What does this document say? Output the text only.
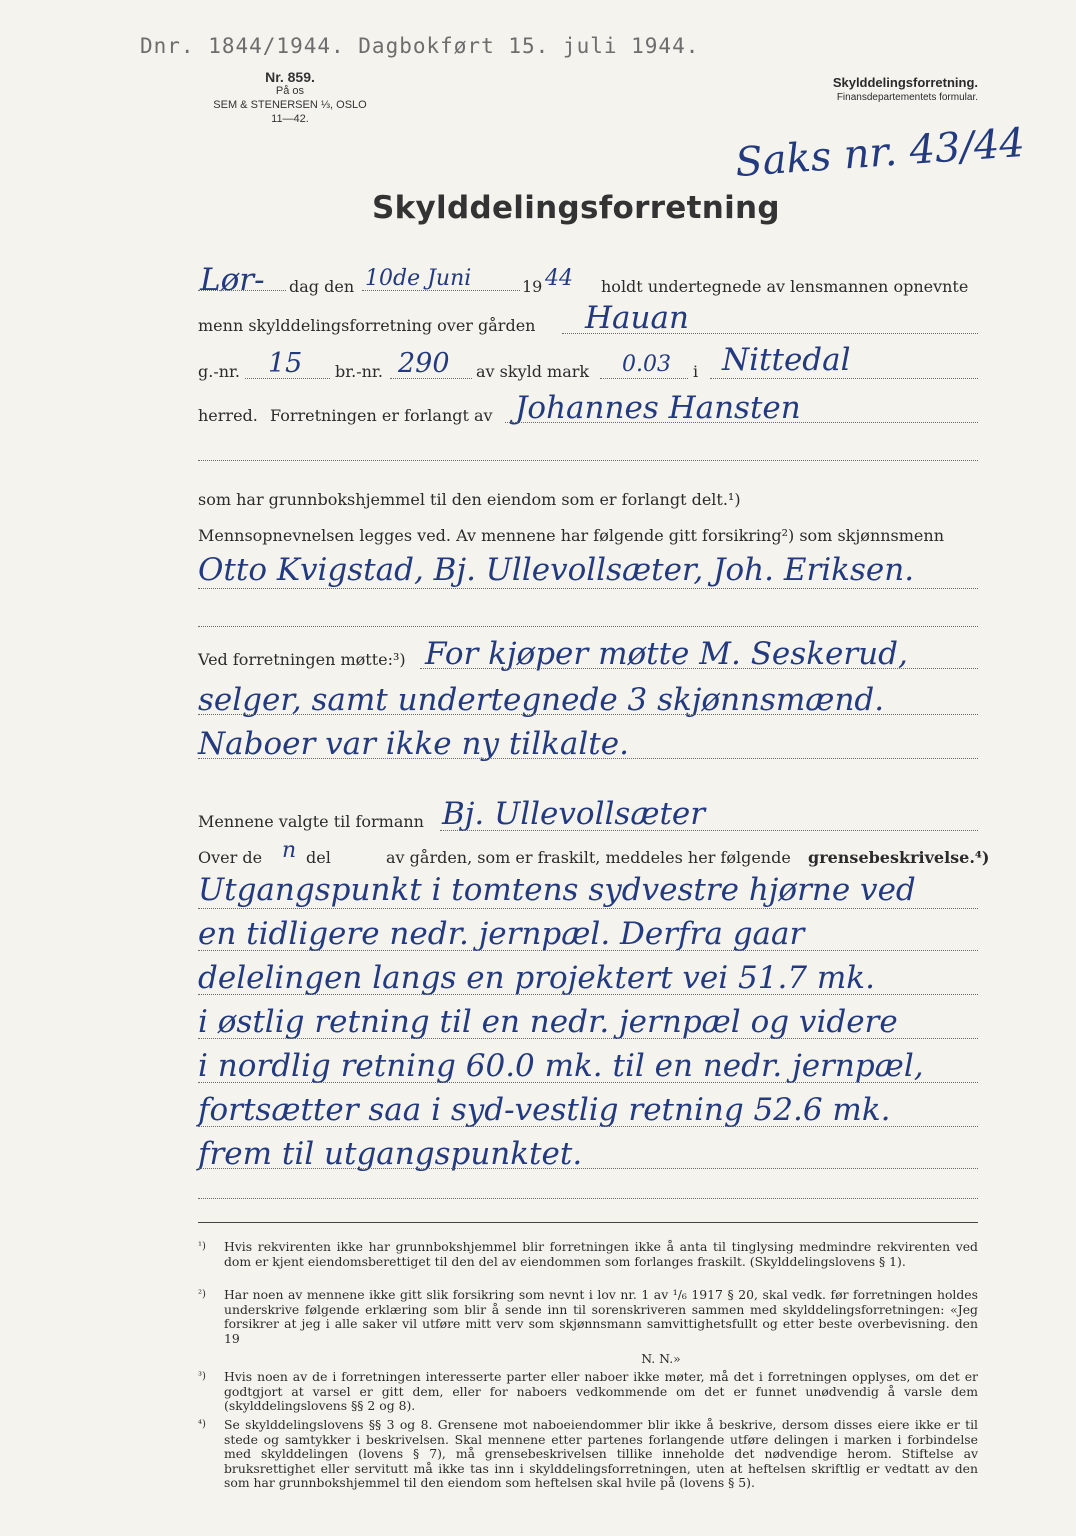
Dnr. 1844/1944. Dagbokført 15. juli 1944.
Nr. 859.
På os
SEM & STENERSEN ⅓, OSLO
11—42.
Skylddelingsforretning.
Finansdepartementets formular.
Saks nr. 43/44
Skylddelingsforretning
Lør- dag den 10de Juni	19 44 holdt undertegnede av lensmannen opnevnte
menn skylddelingsforretning over gården Hauan
g.-nr. 15 br.-nr. 290 av skyld mark 0.03 i Nittedal
herred. Forretningen er forlangt av Johannes Hansten
som har grunnbokshjemmel til den eiendom som er forlangt delt.¹)
Mennsopnevnelsen legges ved. Av mennene har følgende gitt forsikring²) som skjønnsmenn
Otto Kvigstad, Bj. Ullevollsæter, Joh. Eriksen.
Ved forretningen møtte:³) For kjøper møtte M. Seskerud,
selger, samt undertegnede 3 skjønnsmænd.
Naboer var ikke ny tilkalte.
Mennene valgte til formann Bj. Ullevollsæter
Over de n del	av gården, som er fraskilt, meddeles her følgende grensebeskrivelse.⁴)
Utgangspunkt i tomtens sydvestre hjørne ved
en tidligere nedr. jernpæl. Derfra gaar
delelingen langs en projektert vei 51.7 mk.
i østlig retning til en nedr. jernpæl og videre
i nordlig retning 60.0 mk. til en nedr. jernpæl,
fortsætter saa i syd-vestlig retning 52.6 mk.
frem til utgangspunktet.
¹) Hvis rekvirenten ikke har grunnbokshjemmel blir forretningen ikke å anta til tinglysing medmindre rekvirenten ved dom er kjent eiendomsberettiget til den del av eiendommen som forlanges fraskilt. (Skylddelingslovens § 1).
²) Har noen av mennene ikke gitt slik forsikring som nevnt i lov nr. 1 av ¹/₆ 1917 § 20, skal vedk. før forretningen holdes underskrive følgende erklæring som blir å sende inn til sorenskriveren sammen med skylddelingsforretningen: «Jeg forsikrer at jeg i alle saker vil utføre mitt verv som skjønnsmann samvittighetsfullt og etter beste overbevisning. den 19
N. N.»
³) Hvis noen av de i forretningen interesserte parter eller naboer ikke møter, må det i forretningen opplyses, om det er godtgjort at varsel er gitt dem, eller for naboers vedkommende om det er funnet unødvendig å varsle dem (skylddelingslovens §§ 2 og 8).
⁴) Se skylddelingslovens §§ 3 og 8. Grensene mot naboeiendommer blir ikke å beskrive, dersom disses eiere ikke er til stede og samtykker i beskrivelsen. Skal mennene etter partenes forlangende utføre delingen i marken i forbindelse med skylddelingen (lovens § 7), må grensebeskrivelsen tillike inneholde det nødvendige herom. Stiftelse av bruksrettighet eller servitutt må ikke tas inn i skylddelingsforretningen, uten at heftelsen skriftlig er vedtatt av den som har grunnbokshjemmel til den eiendom som heftelsen skal hvile på (lovens § 5).
